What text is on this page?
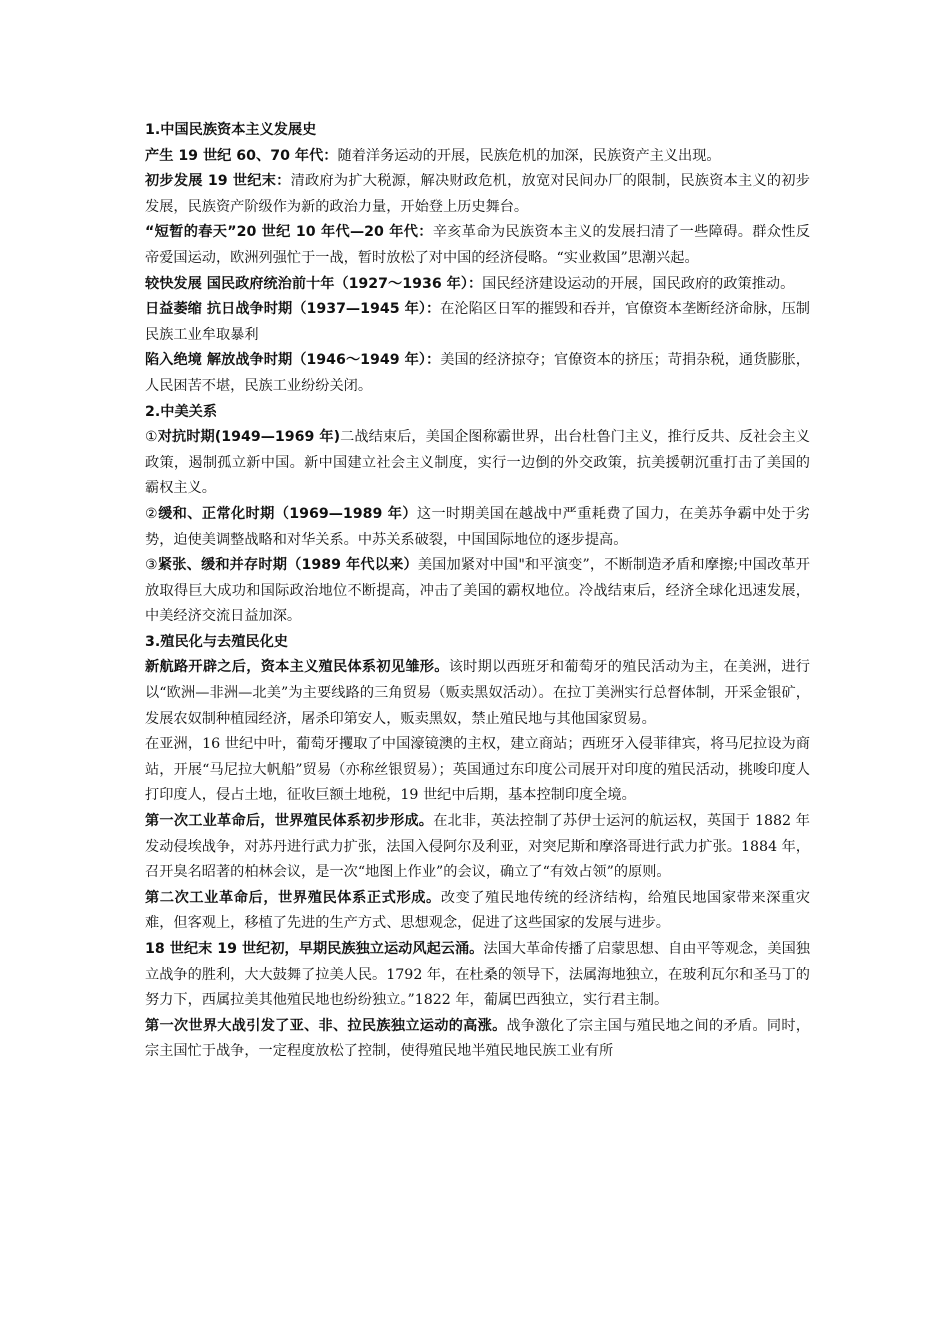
1.中国民族资本主义发展史

产生 19 世纪 60、70 年代：随着洋务运动的开展，民族危机的加深，民族资产主义出现。

初步发展 19 世纪末：清政府为扩大税源，解决财政危机，放宽对民间办厂的限制，民族资本主义的初步发展，民族资产阶级作为新的政治力量，开始登上历史舞台。

“短暂的春天”20 世纪 10 年代—20 年代：辛亥革命为民族资本主义的发展扫清了一些障碍。群众性反帝爱国运动，欧洲列强忙于一战，暂时放松了对中国的经济侵略。“实业救国”思潮兴起。

较快发展 国民政府统治前十年（1927～1936 年）：国民经济建设运动的开展，国民政府的政策推动。

日益萎缩 抗日战争时期（1937—1945 年）：在沦陷区日军的摧毁和吞并，官僚资本垄断经济命脉，压制民族工业牟取暴利

陷入绝境 解放战争时期（1946～1949 年）：美国的经济掠夺；官僚资本的挤压；苛捐杂税，通货膨胀，人民困苦不堪，民族工业纷纷关闭。

2.中美关系

①对抗时期(1949—1969 年)二战结束后，美国企图称霸世界，出台杜鲁门主义，推行反共、反社会主义政策，遏制孤立新中国。新中国建立社会主义制度，实行一边倒的外交政策，抗美援朝沉重打击了美国的霸权主义。

②缓和、正常化时期（1969—1989 年）这一时期美国在越战中严重耗费了国力，在美苏争霸中处于劣势，迫使美调整战略和对华关系。中苏关系破裂，中国国际地位的逐步提高。

③紧张、缓和并存时期（1989 年代以来）美国加紧对中国"和平演变”，不断制造矛盾和摩擦;中国改革开放取得巨大成功和国际政治地位不断提高，冲击了美国的霸权地位。冷战结束后，经济全球化迅速发展，中美经济交流日益加深。

3.殖民化与去殖民化史

新航路开辟之后，资本主义殖民体系初见雏形。该时期以西班牙和葡萄牙的殖民活动为主，在美洲，进行以“欧洲—非洲—北美”为主要线路的三角贸易（贩卖黑奴活动）。在拉丁美洲实行总督体制，开采金银矿，发展农奴制种植园经济，屠杀印第安人，贩卖黑奴，禁止殖民地与其他国家贸易。

在亚洲，16 世纪中叶，葡萄牙攫取了中国濠镜澳的主权，建立商站；西班牙入侵菲律宾，将马尼拉设为商站，开展“马尼拉大帆船”贸易（亦称丝银贸易）；英国通过东印度公司展开对印度的殖民活动，挑唆印度人打印度人，侵占土地，征收巨额土地税，19 世纪中后期，基本控制印度全境。

第一次工业革命后，世界殖民体系初步形成。在北非，英法控制了苏伊士运河的航运权，英国于 1882 年发动侵埃战争，对苏丹进行武力扩张，法国入侵阿尔及利亚，对突尼斯和摩洛哥进行武力扩张。1884 年，召开臭名昭著的柏林会议，是一次“地图上作业”的会议，确立了“有效占领”的原则。

第二次工业革命后，世界殖民体系正式形成。改变了殖民地传统的经济结构，给殖民地国家带来深重灾难，但客观上，移植了先进的生产方式、思想观念，促进了这些国家的发展与进步。

18 世纪末 19 世纪初，早期民族独立运动风起云涌。法国大革命传播了启蒙思想、自由平等观念，美国独立战争的胜利，大大鼓舞了拉美人民。1792 年，在杜桑的领导下，法属海地独立，在玻利瓦尔和圣马丁的努力下，西属拉美其他殖民地也纷纷独立。”1822 年，葡属巴西独立，实行君主制。

第一次世界大战引发了亚、非、拉民族独立运动的高涨。战争激化了宗主国与殖民地之间的矛盾。同时，宗主国忙于战争，一定程度放松了控制，使得殖民地半殖民地民族工业有所
